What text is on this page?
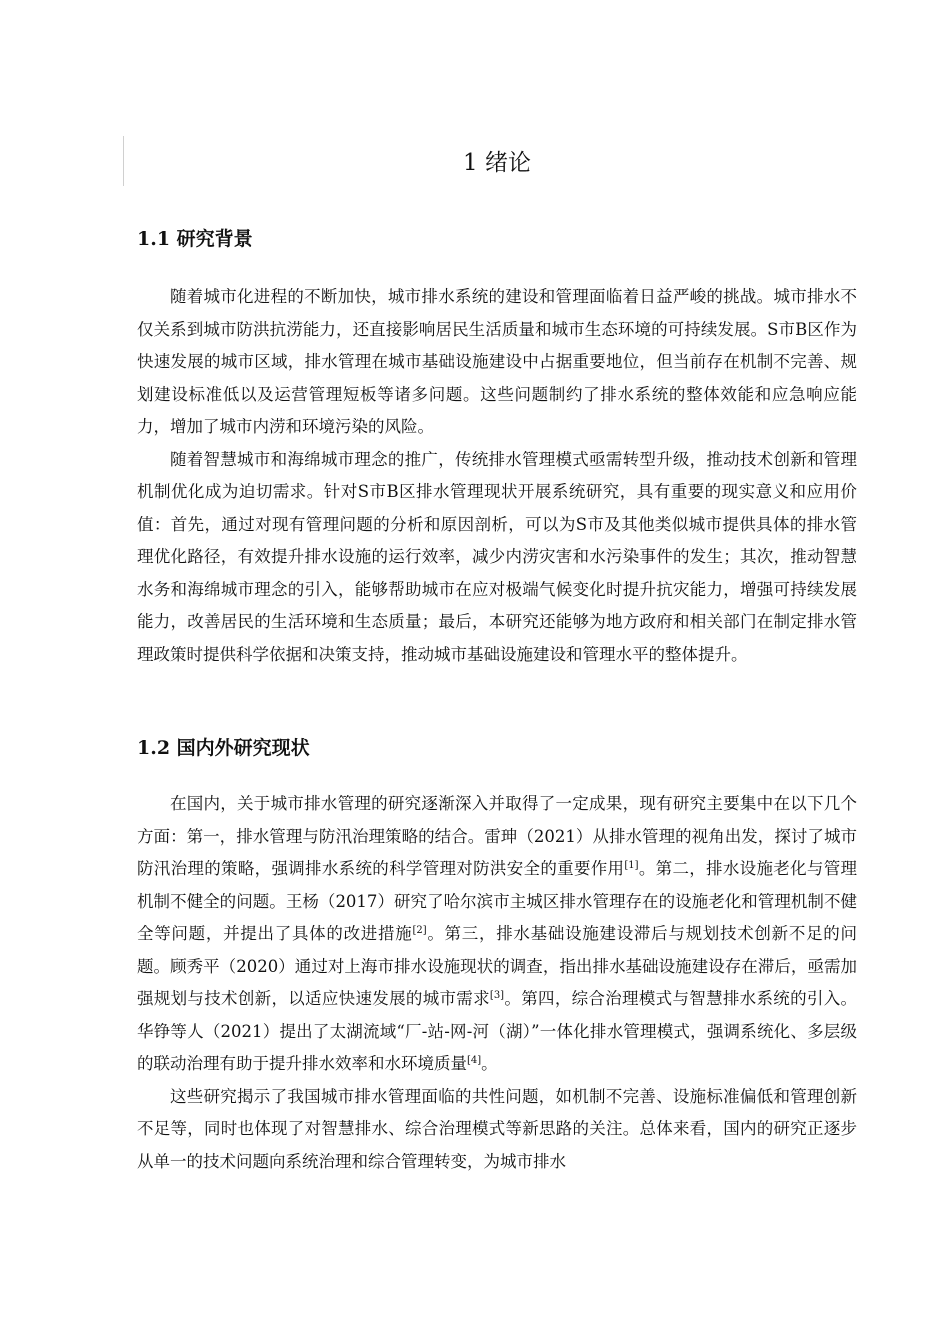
1 绪论
1.1 研究背景

随着城市化进程的不断加快，城市排水系统的建设和管理面临着日益严峻的挑战。城市排水不仅关系到城市防洪抗涝能力，还直接影响居民生活质量和城市生态环境的可持续发展。S市B区作为快速发展的城市区域，排水管理在城市基础设施建设中占据重要地位，但当前存在机制不完善、规划建设标准低以及运营管理短板等诸多问题。这些问题制约了排水系统的整体效能和应急响应能力，增加了城市内涝和环境污染的风险。

随着智慧城市和海绵城市理念的推广，传统排水管理模式亟需转型升级，推动技术创新和管理机制优化成为迫切需求。针对S市B区排水管理现状开展系统研究，具有重要的现实意义和应用价值：首先，通过对现有管理问题的分析和原因剖析，可以为S市及其他类似城市提供具体的排水管理优化路径，有效提升排水设施的运行效率，减少内涝灾害和水污染事件的发生；其次，推动智慧水务和海绵城市理念的引入，能够帮助城市在应对极端气候变化时提升抗灾能力，增强可持续发展能力，改善居民的生活环境和生态质量；最后，本研究还能够为地方政府和相关部门在制定排水管理政策时提供科学依据和决策支持，推动城市基础设施建设和管理水平的整体提升。

1.2 国内外研究现状

在国内，关于城市排水管理的研究逐渐深入并取得了一定成果，现有研究主要集中在以下几个方面：第一，排水管理与防汛治理策略的结合。雷珅（2021）从排水管理的视角出发，探讨了城市防汛治理的策略，强调排水系统的科学管理对防洪安全的重要作用[1]。第二，排水设施老化与管理机制不健全的问题。王杨（2017）研究了哈尔滨市主城区排水管理存在的设施老化和管理机制不健全等问题，并提出了具体的改进措施[2]。第三，排水基础设施建设滞后与规划技术创新不足的问题。顾秀平（2020）通过对上海市排水设施现状的调查，指出排水基础设施建设存在滞后，亟需加强规划与技术创新，以适应快速发展的城市需求[3]。第四，综合治理模式与智慧排水系统的引入。华铮等人（2021）提出了太湖流域“厂-站-网-河（湖）”一体化排水管理模式，强调系统化、多层级的联动治理有助于提升排水效率和水环境质量[4]。

这些研究揭示了我国城市排水管理面临的共性问题，如机制不完善、设施标准偏低和管理创新不足等，同时也体现了对智慧排水、综合治理模式等新思路的关注。总体来看，国内的研究正逐步从单一的技术问题向系统治理和综合管理转变，为城市排水
